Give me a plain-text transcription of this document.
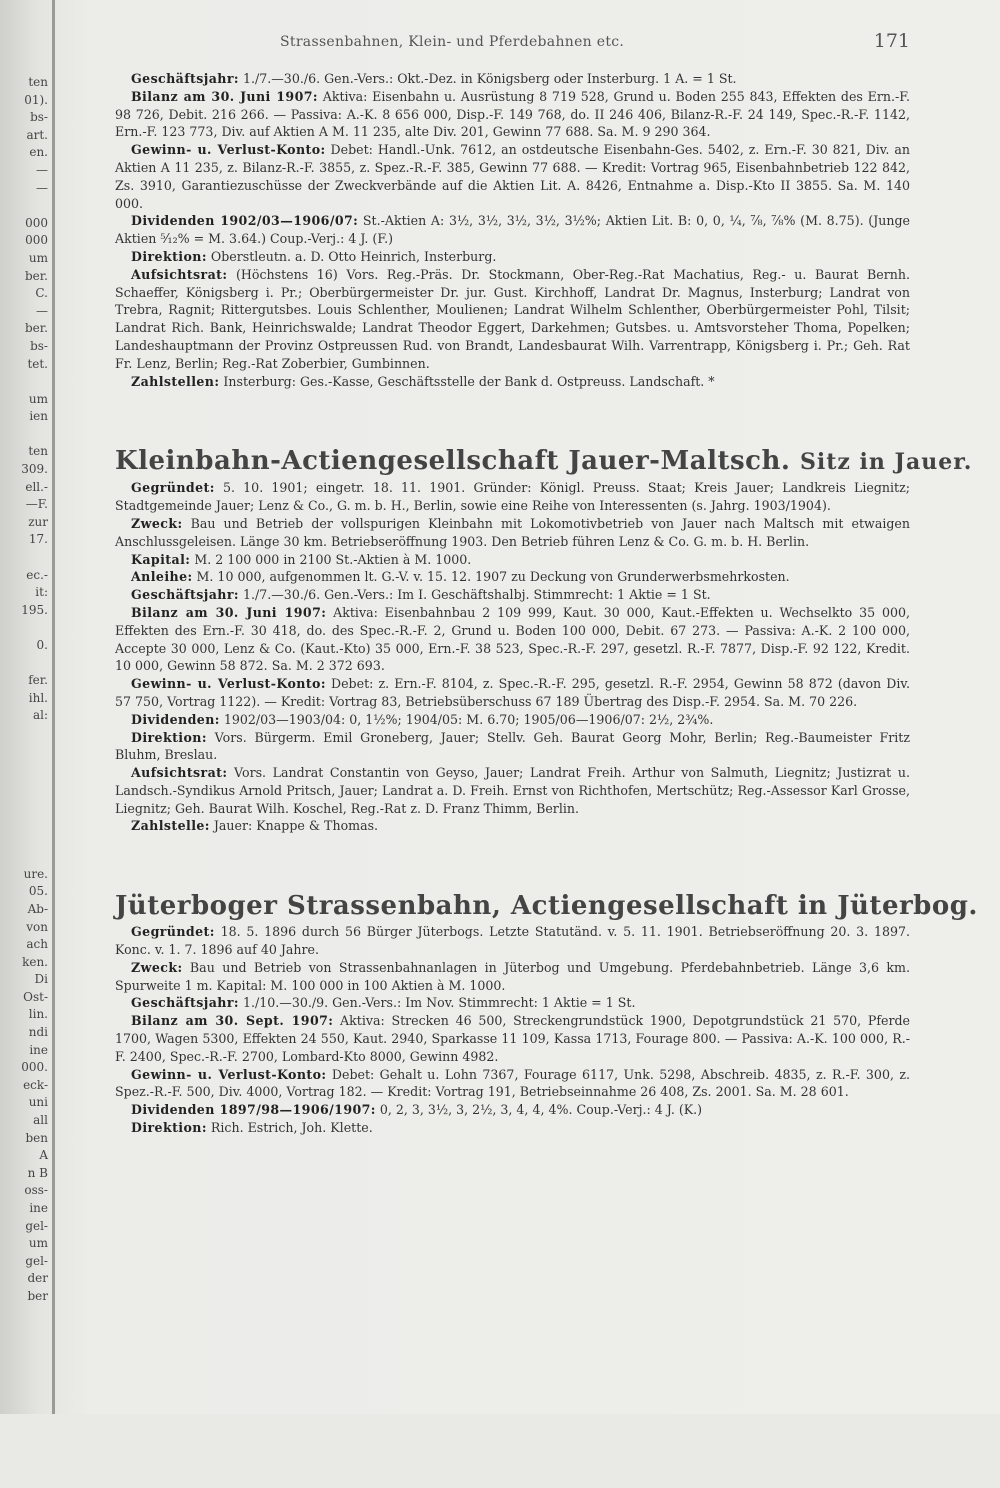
ten
01).
bs-
art.
en.
—
—
000
000
um
ber.
C.
—
ber.
bs-
tet.
um
ien
ten
309.
ell.-
—F.
zur
17.
ec.-
it:
195.
0.
fer.
ihl.
al:
ure.
05.
Ab-
von
ach
ken.
Di
Ost-
lin.
ndi
ine
000.
eck-
uni
all
ben
A
n B
oss-
ine
gel-
um
gel-
der
ber
Strassenbahnen, Klein- und Pferdebahnen etc.	171

Geschäftsjahr: 1./7.—30./6. Gen.-Vers.: Okt.-Dez. in Königsberg oder Insterburg. 1 A. = 1 St.

Bilanz am 30. Juni 1907: Aktiva: Eisenbahn u. Ausrüstung 8 719 528, Grund u. Boden 255 843, Effekten des Ern.-F. 98 726, Debit. 216 266. — Passiva: A.-K. 8 656 000, Disp.-F. 149 768, do. II 246 406, Bilanz-R.-F. 24 149, Spec.-R.-F. 1142, Ern.-F. 123 773, Div. auf Aktien A M. 11 235, alte Div. 201, Gewinn 77 688. Sa. M. 9 290 364.

Gewinn- u. Verlust-Konto: Debet: Handl.-Unk. 7612, an ostdeutsche Eisenbahn-Ges. 5402, z. Ern.-F. 30 821, Div. an Aktien A 11 235, z. Bilanz-R.-F. 3855, z. Spez.-R.-F. 385, Gewinn 77 688. — Kredit: Vortrag 965, Eisenbahnbetrieb 122 842, Zs. 3910, Garantiezuschüsse der Zweckverbände auf die Aktien Lit. A. 8426, Entnahme a. Disp.-Kto II 3855. Sa. M. 140 000.

Dividenden 1902/03—1906/07: St.-Aktien A: 3½, 3½, 3½, 3½, 3½%; Aktien Lit. B: 0, 0, ¼, ⅞, ⅞% (M. 8.75). (Junge Aktien ⁵⁄₁₂% = M. 3.64.) Coup.-Verj.: 4 J. (F.)

Direktion: Oberstleutn. a. D. Otto Heinrich, Insterburg.

Aufsichtsrat: (Höchstens 16) Vors. Reg.-Präs. Dr. Stockmann, Ober-Reg.-Rat Machatius, Reg.- u. Baurat Bernh. Schaeffer, Königsberg i. Pr.; Oberbürgermeister Dr. jur. Gust. Kirchhoff, Landrat Dr. Magnus, Insterburg; Landrat von Trebra, Ragnit; Rittergutsbes. Louis Schlenther, Moulienen; Landrat Wilhelm Schlenther, Oberbürgermeister Pohl, Tilsit; Landrat Rich. Bank, Heinrichswalde; Landrat Theodor Eggert, Darkehmen; Gutsbes. u. Amtsvorsteher Thoma, Popelken; Landeshauptmann der Provinz Ostpreussen Rud. von Brandt, Landesbaurat Wilh. Varrentrapp, Königsberg i. Pr.; Geh. Rat Fr. Lenz, Berlin; Reg.-Rat Zoberbier, Gumbinnen.

Zahlstellen: Insterburg: Ges.-Kasse, Geschäftsstelle der Bank d. Ostpreuss. Landschaft. *

Kleinbahn-Actiengesellschaft Jauer-Maltsch. Sitz in Jauer.

Gegründet: 5. 10. 1901; eingetr. 18. 11. 1901. Gründer: Königl. Preuss. Staat; Kreis Jauer; Landkreis Liegnitz; Stadtgemeinde Jauer; Lenz & Co., G. m. b. H., Berlin, sowie eine Reihe von Interessenten (s. Jahrg. 1903/1904).

Zweck: Bau und Betrieb der vollspurigen Kleinbahn mit Lokomotivbetrieb von Jauer nach Maltsch mit etwaigen Anschlussgeleisen. Länge 30 km. Betriebseröffnung 1903. Den Betrieb führen Lenz & Co. G. m. b. H. Berlin.

Kapital: M. 2 100 000 in 2100 St.-Aktien à M. 1000.

Anleihe: M. 10 000, aufgenommen lt. G.-V. v. 15. 12. 1907 zu Deckung von Grunderwerbsmehrkosten.

Geschäftsjahr: 1./7.—30./6. Gen.-Vers.: Im I. Geschäftshalbj. Stimmrecht: 1 Aktie = 1 St.

Bilanz am 30. Juni 1907: Aktiva: Eisenbahnbau 2 109 999, Kaut. 30 000, Kaut.-Effekten u. Wechselkto 35 000, Effekten des Ern.-F. 30 418, do. des Spec.-R.-F. 2, Grund u. Boden 100 000, Debit. 67 273. — Passiva: A.-K. 2 100 000, Accepte 30 000, Lenz & Co. (Kaut.-Kto) 35 000, Ern.-F. 38 523, Spec.-R.-F. 297, gesetzl. R.-F. 7877, Disp.-F. 92 122, Kredit. 10 000, Gewinn 58 872. Sa. M. 2 372 693.

Gewinn- u. Verlust-Konto: Debet: z. Ern.-F. 8104, z. Spec.-R.-F. 295, gesetzl. R.-F. 2954, Gewinn 58 872 (davon Div. 57 750, Vortrag 1122). — Kredit: Vortrag 83, Betriebsüberschuss 67 189 Übertrag des Disp.-F. 2954. Sa. M. 70 226.

Dividenden: 1902/03—1903/04: 0, 1½%; 1904/05: M. 6.70; 1905/06—1906/07: 2½, 2¾%.

Direktion: Vors. Bürgerm. Emil Groneberg, Jauer; Stellv. Geh. Baurat Georg Mohr, Berlin; Reg.-Baumeister Fritz Bluhm, Breslau.

Aufsichtsrat: Vors. Landrat Constantin von Geyso, Jauer; Landrat Freih. Arthur von Salmuth, Liegnitz; Justizrat u. Landsch.-Syndikus Arnold Pritsch, Jauer; Landrat a. D. Freih. Ernst von Richthofen, Mertschütz; Reg.-Assessor Karl Grosse, Liegnitz; Geh. Baurat Wilh. Koschel, Reg.-Rat z. D. Franz Thimm, Berlin.

Zahlstelle: Jauer: Knappe & Thomas.

Jüterboger Strassenbahn, Actiengesellschaft in Jüterbog.

Gegründet: 18. 5. 1896 durch 56 Bürger Jüterbogs. Letzte Statutänd. v. 5. 11. 1901. Betriebseröffnung 20. 3. 1897. Konc. v. 1. 7. 1896 auf 40 Jahre.

Zweck: Bau und Betrieb von Strassenbahnanlagen in Jüterbog und Umgebung. Pferdebahnbetrieb. Länge 3,6 km. Spurweite 1 m. Kapital: M. 100 000 in 100 Aktien à M. 1000.

Geschäftsjahr: 1./10.—30./9. Gen.-Vers.: Im Nov. Stimmrecht: 1 Aktie = 1 St.

Bilanz am 30. Sept. 1907: Aktiva: Strecken 46 500, Streckengrundstück 1900, Depotgrundstück 21 570, Pferde 1700, Wagen 5300, Effekten 24 550, Kaut. 2940, Sparkasse 11 109, Kassa 1713, Fourage 800. — Passiva: A.-K. 100 000, R.-F. 2400, Spec.-R.-F. 2700, Lombard-Kto 8000, Gewinn 4982.

Gewinn- u. Verlust-Konto: Debet: Gehalt u. Lohn 7367, Fourage 6117, Unk. 5298, Abschreib. 4835, z. R.-F. 300, z. Spez.-R.-F. 500, Div. 4000, Vortrag 182. — Kredit: Vortrag 191, Betriebseinnahme 26 408, Zs. 2001. Sa. M. 28 601.

Dividenden 1897/98—1906/1907: 0, 2, 3, 3½, 3, 2½, 3, 4, 4, 4%. Coup.-Verj.: 4 J. (K.)

Direktion: Rich. Estrich, Joh. Klette.
